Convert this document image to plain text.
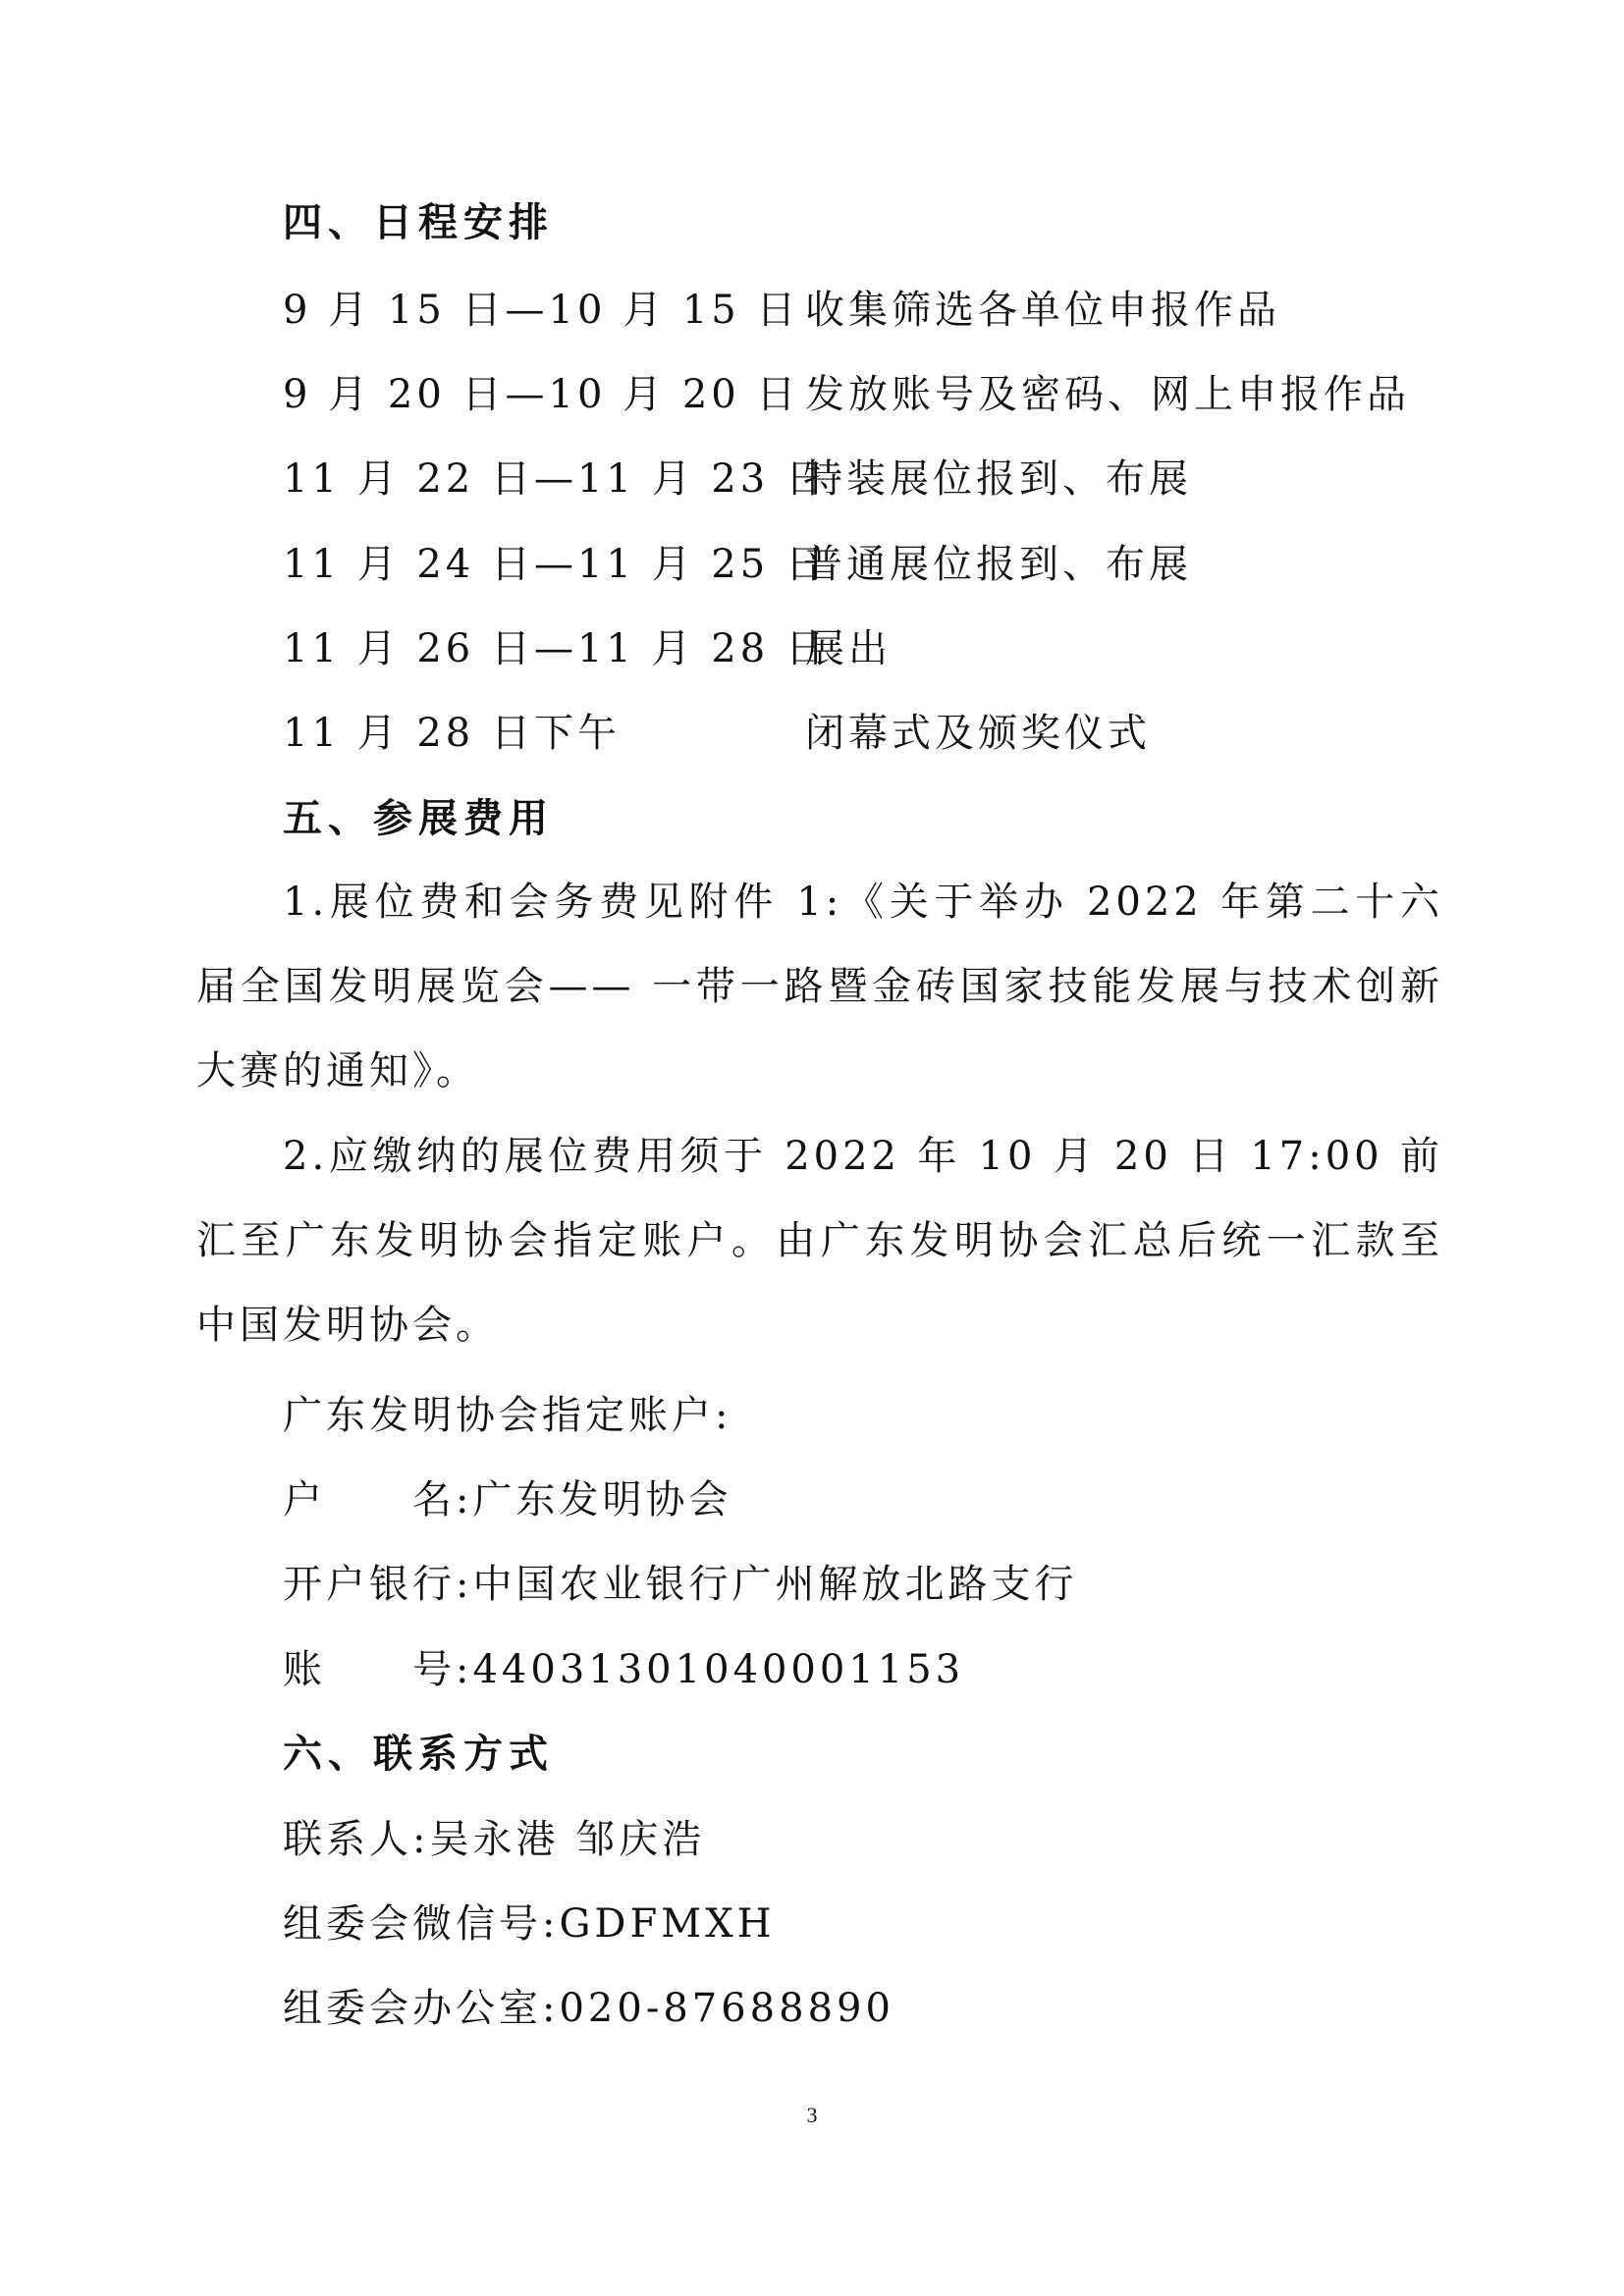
四、日程安排
9 月 15 日—10 月 15 日 收集筛选各单位申报作品
9 月 20 日—10 月 20 日 发放账号及密码、网上申报作品
11 月 22 日—11 月 23 日
特装展位报到、布展
11 月 24 日—11 月 25 日
普通展位报到、布展
11 月 26 日—11 月 28 日
展出
11 月 28 日下午	闭幕式及颁奖仪式
五、参展费用
1.展位费和会务费见附件 1:《关于举办 2022 年第二十六届全国发明展览会—— 一带一路暨金砖国家技能发展与技术创新大赛的通知》。
2.应缴纳的展位费用须于 2022 年 10 月 20 日 17:00 前汇至广东发明协会指定账户。由广东发明协会汇总后统一汇款至中国发明协会。
广东发明协会指定账户:
户　　名:广东发明协会
开户银行:中国农业银行广州解放北路支行
账　　号:44031301040001153
六、联系方式
联系人:吴永港 邹庆浩
组委会微信号:GDFMXH
组委会办公室:020-87688890
3
